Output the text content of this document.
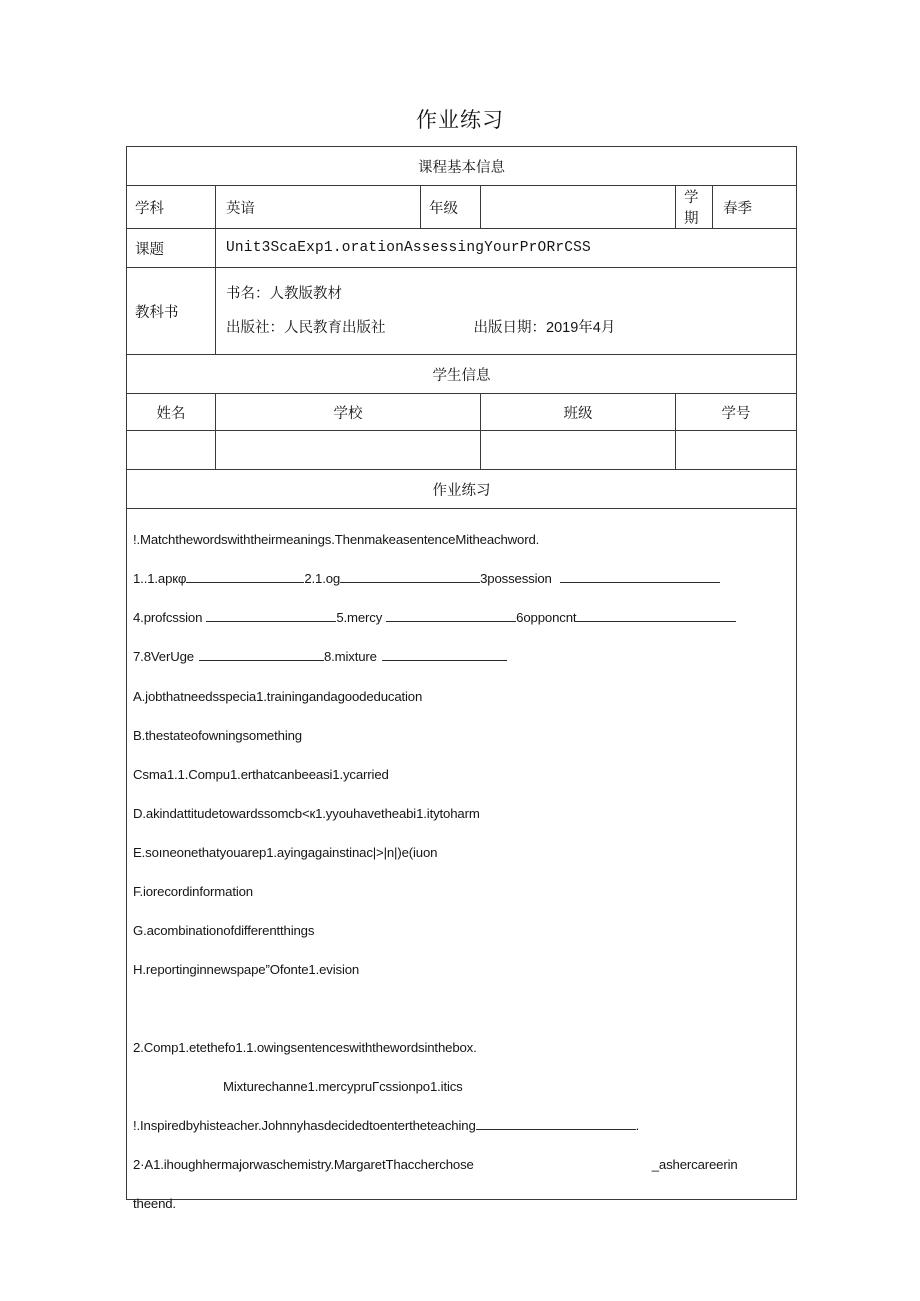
作业练习
课程基本信息					
学科	英谙	年级		学期	春季
课题	Unit3ScaExp1.orationAssessingYourPrORrCSS				
教科书	书名：人教版教材
出版社：人民教育出版社 出版日期：2019年4月				

学生信息					
姓名	学校		班级	学号	

作业练习					

!.Matchthewordswiththeirmeanings.ThenmakeasentenceMitheachword.
1..1.apкφ	2.1.og	3possession
4.profcssion	5.mercy	6opponcnt
7.8VerUge	8.mixture
A.jobthatneedsspecia1.trainingandagoodeducation
B.thestateofowningsomething
Csma1.1.Compu1.erthatcanbeeasi1.ycarried
D.akindattitudetowardssomcb<к1.yyouhavetheabi1.itytoharm
E.soıneonethatyouarep1.ayingagainstinac|>|n|)e(iuon
F.iorecordinformation
G.acombinationofdifferentthings
H.reportinginnewspape”Ofonte1.evision
2.Comp1.etethefo1.1.owingsentenceswiththewordsinthebox.
Mixturechanne1.mercypruΓcssionpo1.itics
!.Inspiredbyhisteacher.Johnnyhasdecidedtoentertheteaching	.
2·A1.ihoughhermajorwaschemistry.MargaretThaccherchose	_ashercareerin
theend.
